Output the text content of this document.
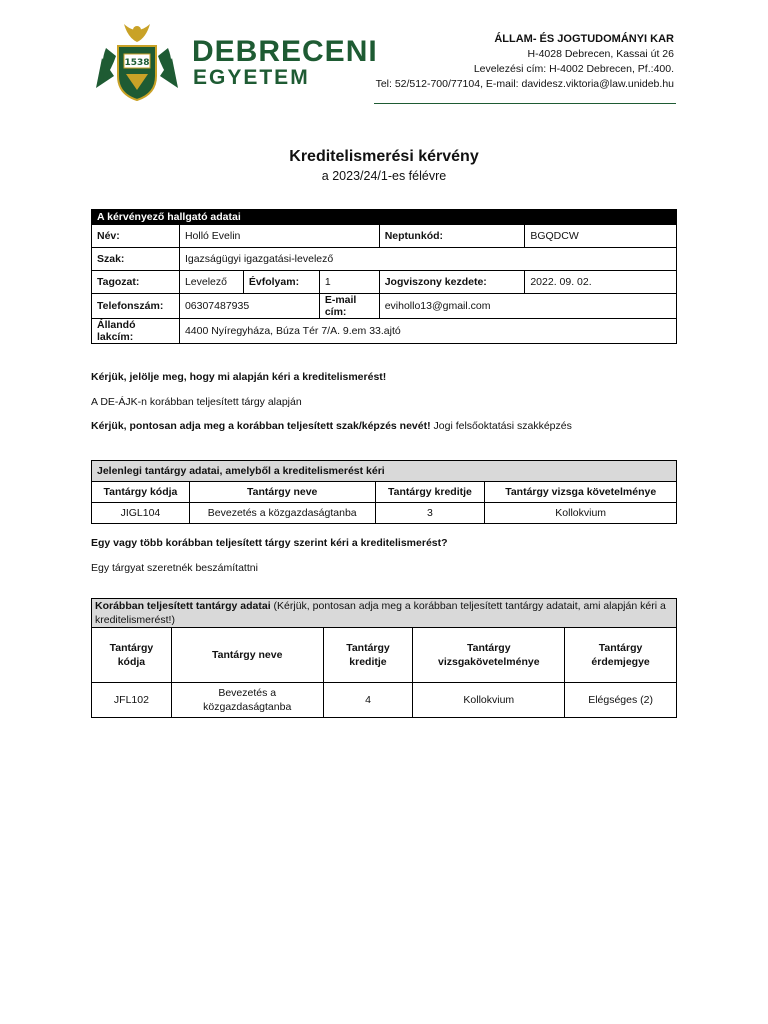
1538 DEBRECENI
EGYETEM
ÁLLAM- ÉS JOGTUDOMÁNYI KAR
H-4028 Debrecen, Kassai út 26
Levelezési cím: H-4002 Debrecen, Pf.:400.
Tel: 52/512-700/77104, E-mail: davidesz.viktoria@law.unideb.hu
Kreditelismerési kérvény
a 2023/24/1-es félévre
A kérvényező hallgató adatai					
Név:	Holló Evelin			Neptunkód:	BGQDCW
Szak:	Igazságügyi igazgatási-levelező				
Tagozat:	Levelező	Évfolyam:	1	Jogviszony kezdete:	2022. 09. 02.
Telefonszám:	06307487935		E-mail cím:	evihollo13@gmail.com	
Állandó lakcím:	4400 Nyíregyháza, Búza Tér 7/A. 9.em 33.ajtó				
Kérjük, jelölje meg, hogy mi alapján kéri a kreditelismerést!
A DE-ÁJK-n korábban teljesített tárgy alapján
Kérjük, pontosan adja meg a korábban teljesített szak/képzés nevét! Jogi felsőoktatási szakképzés
Jelenlegi tantárgy adatai, amelyből a kreditelismerést kéri			
Tantárgy kódja	Tantárgy neve	Tantárgy kreditje	Tantárgy vizsga követelménye
JIGL104	Bevezetés a közgazdaságtanba	3	Kollokvium
Egy vagy több korábban teljesített tárgy szerint kéri a kreditelismerést?
Egy tárgyat szeretnék beszámítattni
Korábban teljesített tantárgy adatai (Kérjük, pontosan adja meg a korábban teljesített tantárgy adatait, ami alapján kéri a kreditelismerést!)				
Tantárgy kódja	Tantárgy neve	Tantárgy kreditje	Tantárgy vizsgakövetelménye	Tantárgy érdemjegye
JFL102	Bevezetés a közgazdaságtanba	4	Kollokvium	Elégséges (2)
